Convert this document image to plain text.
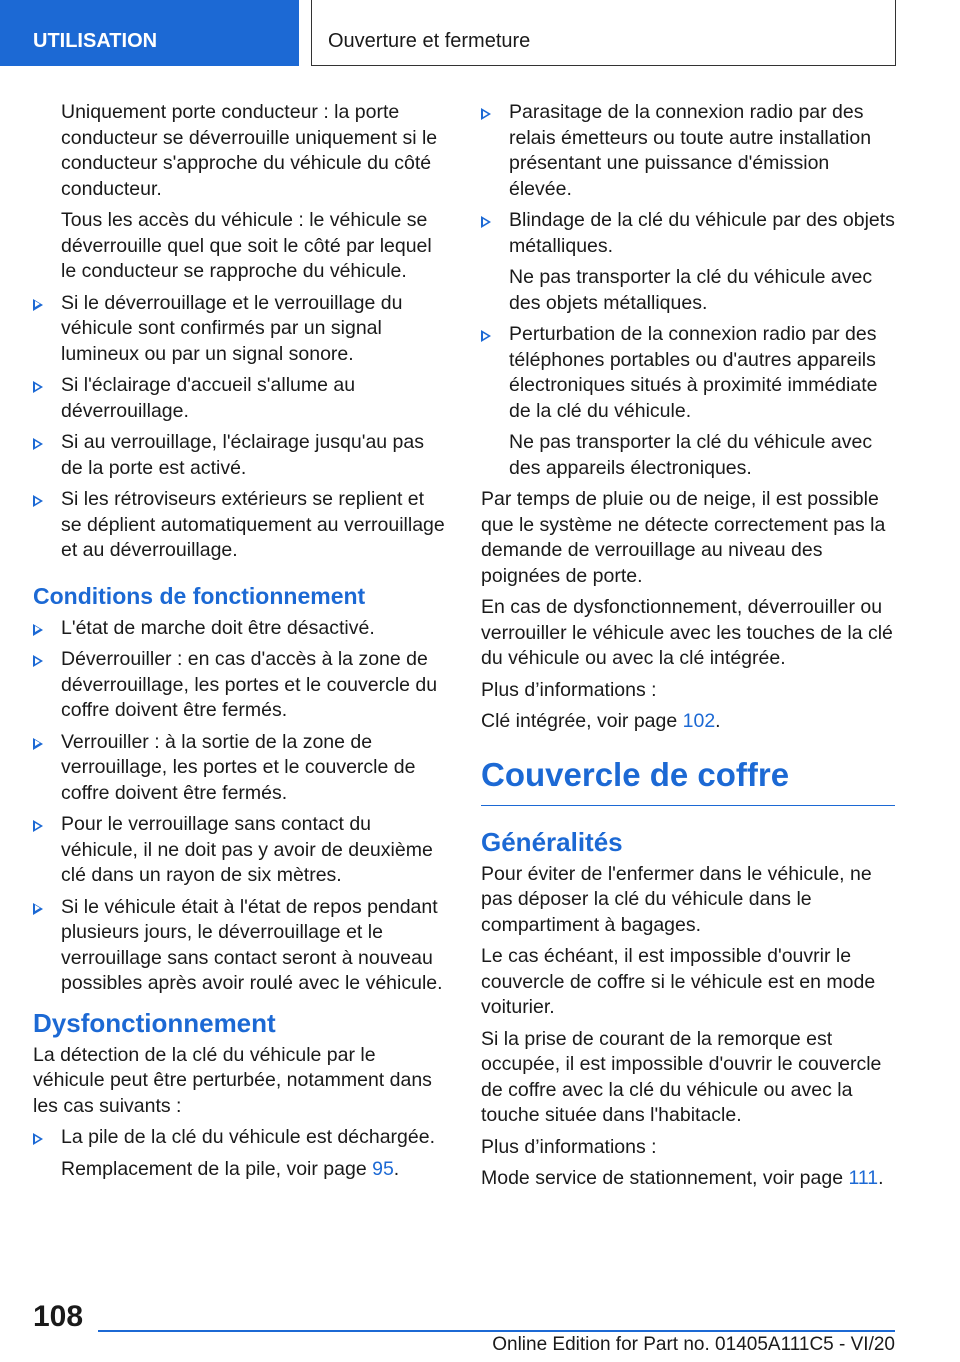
UTILISATION	Ouverture et fermeture
Uniquement porte conducteur : la porte conducteur se déverrouille uniquement si le conducteur s'approche du véhicule du côté conducteur.
Tous les accès du véhicule : le véhicule se déverrouille quel que soit le côté par lequel le conducteur se rapproche du véhicule.
Si le déverrouillage et le verrouillage du véhicule sont confirmés par un signal lumineux ou par un signal sonore.
Si l'éclairage d'accueil s'allume au déverrouillage.
Si au verrouillage, l'éclairage jusqu'au pas de la porte est activé.
Si les rétroviseurs extérieurs se replient et se déplient automatiquement au verrouillage et au déverrouillage.
Conditions de fonctionnement
L'état de marche doit être désactivé.
Déverrouiller : en cas d'accès à la zone de déverrouillage, les portes et le couvercle du coffre doivent être fermés.
Verrouiller : à la sortie de la zone de verrouillage, les portes et le couvercle de coffre doivent être fermés.
Pour le verrouillage sans contact du véhicule, il ne doit pas y avoir de deuxième clé dans un rayon de six mètres.
Si le véhicule était à l'état de repos pendant plusieurs jours, le déverrouillage et le verrouillage sans contact seront à nouveau possibles après avoir roulé avec le véhicule.
Dysfonctionnement
La détection de la clé du véhicule par le véhicule peut être perturbée, notamment dans les cas suivants :
La pile de la clé du véhicule est déchargée.
Remplacement de la pile, voir page 95.
Parasitage de la connexion radio par des relais émetteurs ou toute autre installation présentant une puissance d'émission élevée.
Blindage de la clé du véhicule par des objets métalliques.
Ne pas transporter la clé du véhicule avec des objets métalliques.
Perturbation de la connexion radio par des téléphones portables ou d'autres appareils électroniques situés à proximité immédiate de la clé du véhicule.
Ne pas transporter la clé du véhicule avec des appareils électroniques.
Par temps de pluie ou de neige, il est possible que le système ne détecte correctement pas la demande de verrouillage au niveau des poignées de porte.
En cas de dysfonctionnement, déverrouiller ou verrouiller le véhicule avec les touches de la clé du véhicule ou avec la clé intégrée.
Plus d’informations :
Clé intégrée, voir page 102.
Couvercle de coffre
Généralités
Pour éviter de l'enfermer dans le véhicule, ne pas déposer la clé du véhicule dans le compartiment à bagages.
Le cas échéant, il est impossible d'ouvrir le couvercle de coffre si le véhicule est en mode voiturier.
Si la prise de courant de la remorque est occupée, il est impossible d'ouvrir le couvercle de coffre avec la clé du véhicule ou avec la touche située dans l'habitacle.
Plus d’informations :
Mode service de stationnement, voir page 111.
108
Online Edition for Part no. 01405A111C5 - VI/20
